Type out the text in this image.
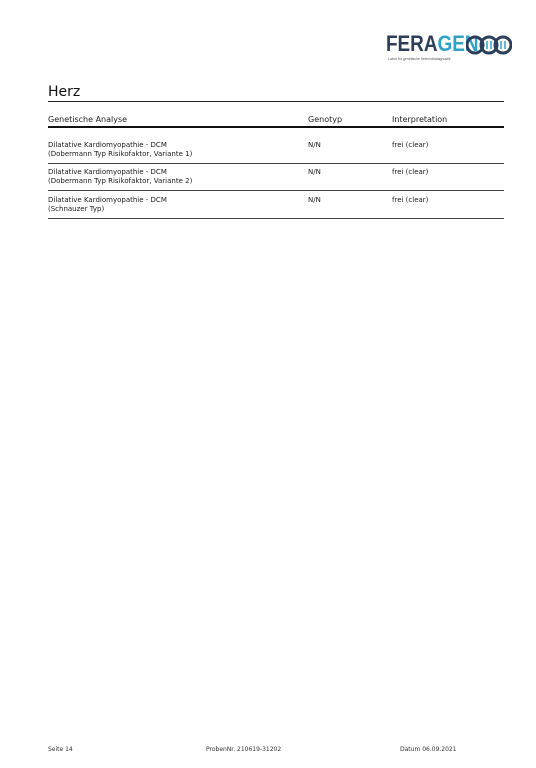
FERAGEN
Labor für genetische Veterinärdiagnostik
Herz
Genetische Analyse	Genotyp	Interpretation
Dilatative Kardiomyopathie - DCM
(Dobermann Typ Risikofaktor, Variante 1)
N/N	frei (clear)
Dilatative Kardiomyopathie - DCM
(Dobermann Typ Risikofaktor, Variante 2)
N/N	frei (clear)
Dilatative Kardiomyopathie - DCM
(Schnauzer Typ)
N/N	frei (clear)
Seite 14	ProbenNr. 210619-31202	Datum 06.09.2021
